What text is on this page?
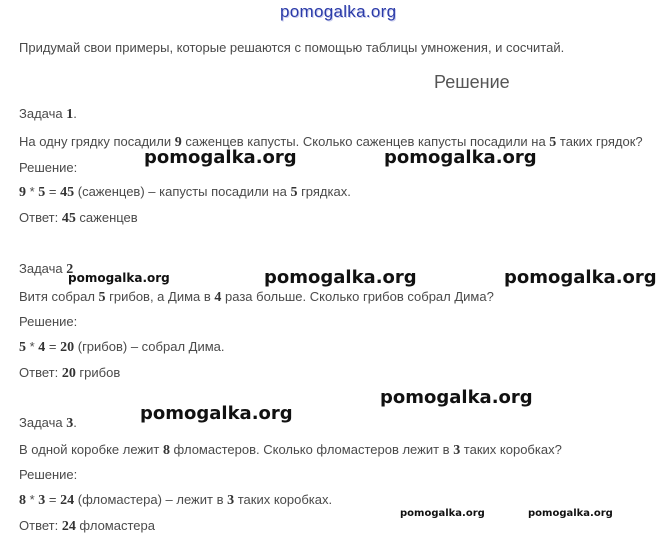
pomogalka.org
Придумай свои примеры, которые решаются с помощью таблицы умножения, и сосчитай.
Решение
Задача 1.
На одну грядку посадили 9 саженцев капусты. Сколько саженцев капусты посадили на 5 таких грядок?
Решение:
9 * 5 = 45 (саженцев) – капусты посадили на 5 грядках.
Ответ: 45 саженцев
Задача 2
Витя собрал 5 грибов, а Дима в 4 раза больше. Сколько грибов собрал Дима?
Решение:
5 * 4 = 20 (грибов) – собрал Дима.
Ответ: 20 грибов
Задача 3.
В одной коробке лежит 8 фломастеров. Сколько фломастеров лежит в 3 таких коробках?
Решение:
8 * 3 = 24 (фломастера) – лежит в 3 таких коробках.
Ответ: 24 фломастера
pomogalka.org	pomogalka.org
pomogalka.org	pomogalka.org	pomogalka.org
pomogalka.org
pomogalka.org
pomogalka.org	pomogalka.org
